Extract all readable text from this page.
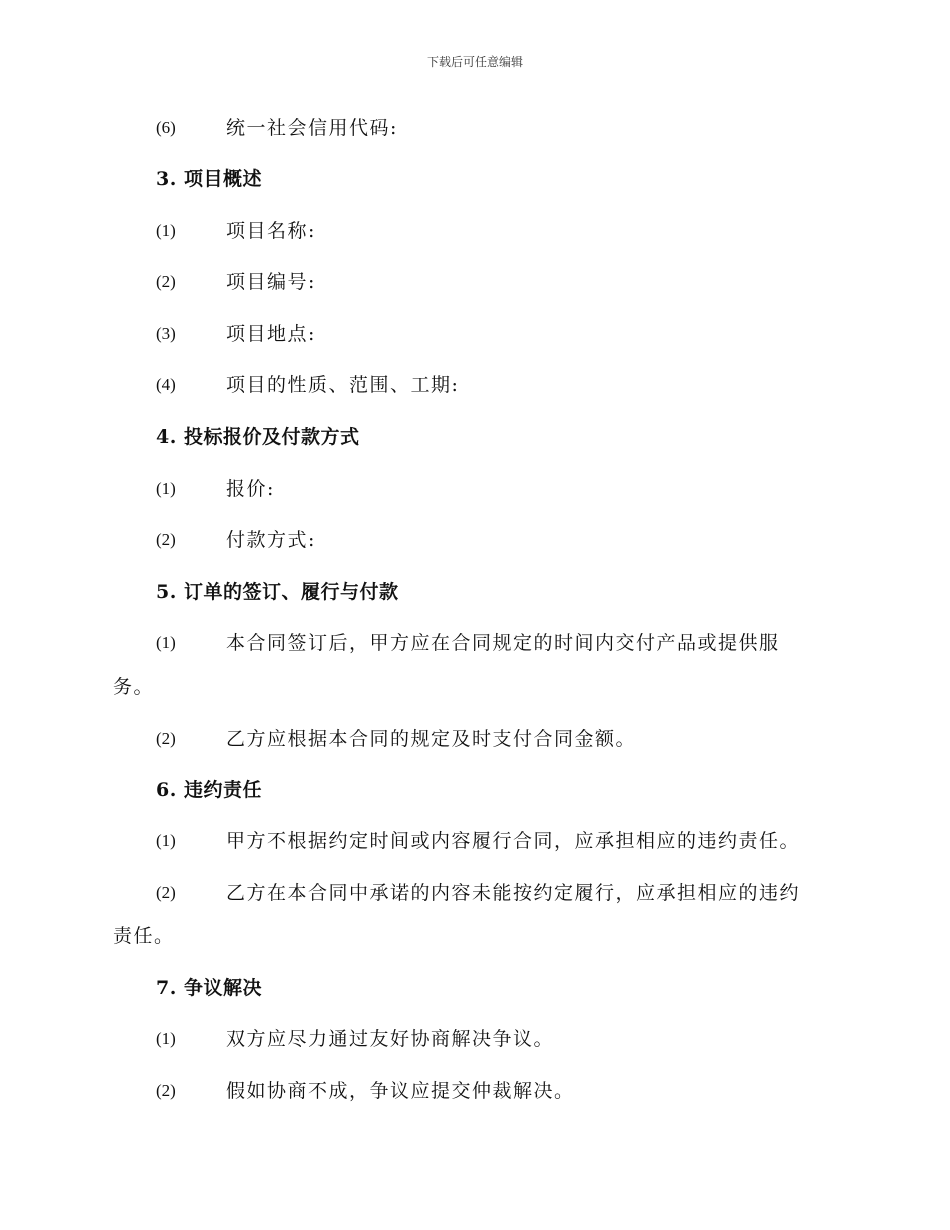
下载后可任意编辑
(6)	统一社会信用代码:
3. 项目概述
(1)	项目名称:
(2)	项目编号:
(3)	项目地点:
(4)	项目的性质、范围、工期:
4. 投标报价及付款方式
(1)	报价:
(2)	付款方式:
5. 订单的签订、履行与付款
(1)	本合同签订后，甲方应在合同规定的时间内交付产品或提供服
务。
(2)	乙方应根据本合同的规定及时支付合同金额。
6. 违约责任
(1)	甲方不根据约定时间或内容履行合同，应承担相应的违约责任。
(2)	乙方在本合同中承诺的内容未能按约定履行，应承担相应的违约
责任。
7. 争议解决
(1)	双方应尽力通过友好协商解决争议。
(2)	假如协商不成，争议应提交仲裁解决。
